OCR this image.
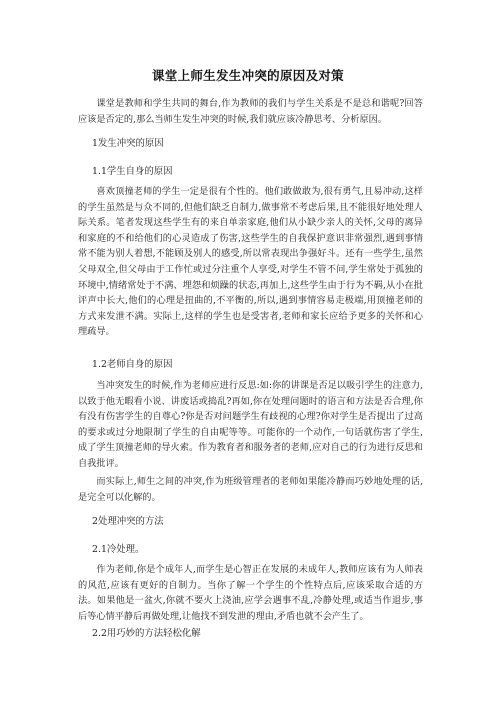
课堂上师生发生冲突的原因及对策

课堂是教师和学生共同的舞台,作为教师的我们与学生关系是不是总和谐呢?回答应该是否定的,那么当师生发生冲突的时候,我们就应该冷静思考、分析原因。

1发生冲突的原因

1.1学生自身的原因

喜欢顶撞老师的学生一定是很有个性的。他们敢做敢为,很有勇气,且易冲动,这样的学生虽然是与众不同的,但他们缺乏自制力,做事常不考虑后果,且不能很好地处理人际关系。笔者发现这些学生有的来自单亲家庭,他们从小缺少亲人的关怀,父母的离异和家庭的不和给他们的心灵造成了伤害,这些学生的自我保护意识非常强烈,遇到事情常不能为别人着想,不能顾及别人的感受,所以常表现出争强好斗。还有一些学生,虽然父母双全,但父母由于工作忙或过分注重个人享受,对学生不管不问,学生常处于孤独的环境中,情绪常处于不满、埋怨和烦躁的状态,再加上,这些学生由于行为不羁,从小在批评声中长大,他们的心理是扭曲的,不平衡的,所以,遇到事情容易走极端,用顶撞老师的方式来发泄不满。实际上,这样的学生也是受害者,老师和家长应给予更多的关怀和心理疏导。

1.2老师自身的原因

当冲突发生的时候,作为老师应进行反思:如:你的讲课是否足以吸引学生的注意力,以致于他无暇看小说、讲废话或捣乱?再如,你在处理问题时的语言和方法是否合理,你有没有伤害学生的自尊心?你是否对问题学生有歧视的心理?你对学生是否提出了过高的要求或过分地限制了学生的自由呢等等。可能你的一个动作,一句话就伤害了学生,成了学生顶撞老师的导火索。作为教育者和服务者的老师,应对自己的行为进行反思和自我批评。

而实际上,师生之间的冲突,作为班级管理者的老师如果能冷静而巧妙地处理的话,是完全可以化解的。

2处理冲突的方法

2.1冷处理。

作为老师,你是个成年人,而学生是心智正在发展的未成年人,教师应该有为人师表的风范,应该有更好的自制力。当你了解一个学生的个性特点后,应该采取合适的方法。如果他是一盆火,你就不要火上浇油,应学会遇事不乱,冷静处理,或适当作退步,事后等心情平静后再做处理,让他找不到发泄的理由,矛盾也就不会产生了。

2.2用巧妙的方法轻松化解
